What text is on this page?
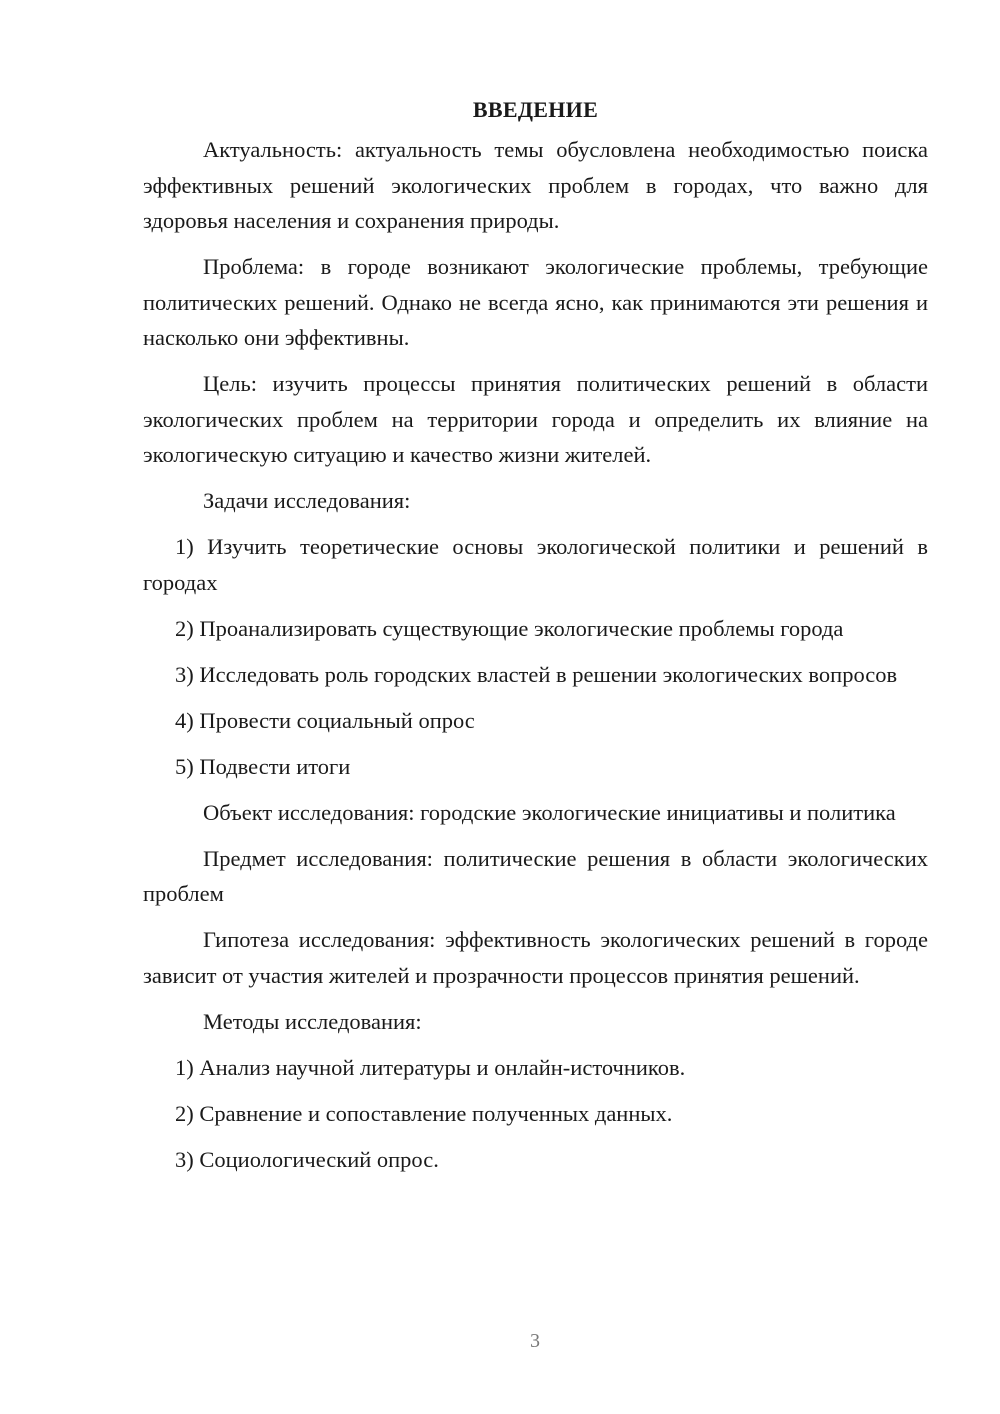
ВВЕДЕНИЕ

Актуальность: актуальность темы обусловлена необходимостью поиска эффективных решений экологических проблем в городах, что важно для здоровья населения и сохранения природы.

Проблема: в городе возникают экологические проблемы, требующие политических решений. Однако не всегда ясно, как принимаются эти решения и насколько они эффективны.

Цель: изучить процессы принятия политических решений в области экологических проблем на территории города и определить их влияние на экологическую ситуацию и качество жизни жителей.

Задачи исследования:

1) Изучить теоретические основы экологической политики и решений в городах

2) Проанализировать существующие экологические проблемы города

3) Исследовать роль городских властей в решении экологических вопросов

4) Провести социальный опрос

5) Подвести итоги

Объект исследования: городские экологические инициативы и политика

Предмет исследования: политические решения в области экологических проблем

Гипотеза исследования: эффективность экологических решений в городе зависит от участия жителей и прозрачности процессов принятия решений.

Методы исследования:

1) Анализ научной литературы и онлайн-источников.

2) Сравнение и сопоставление полученных данных.

3) Социологический опрос.

3
